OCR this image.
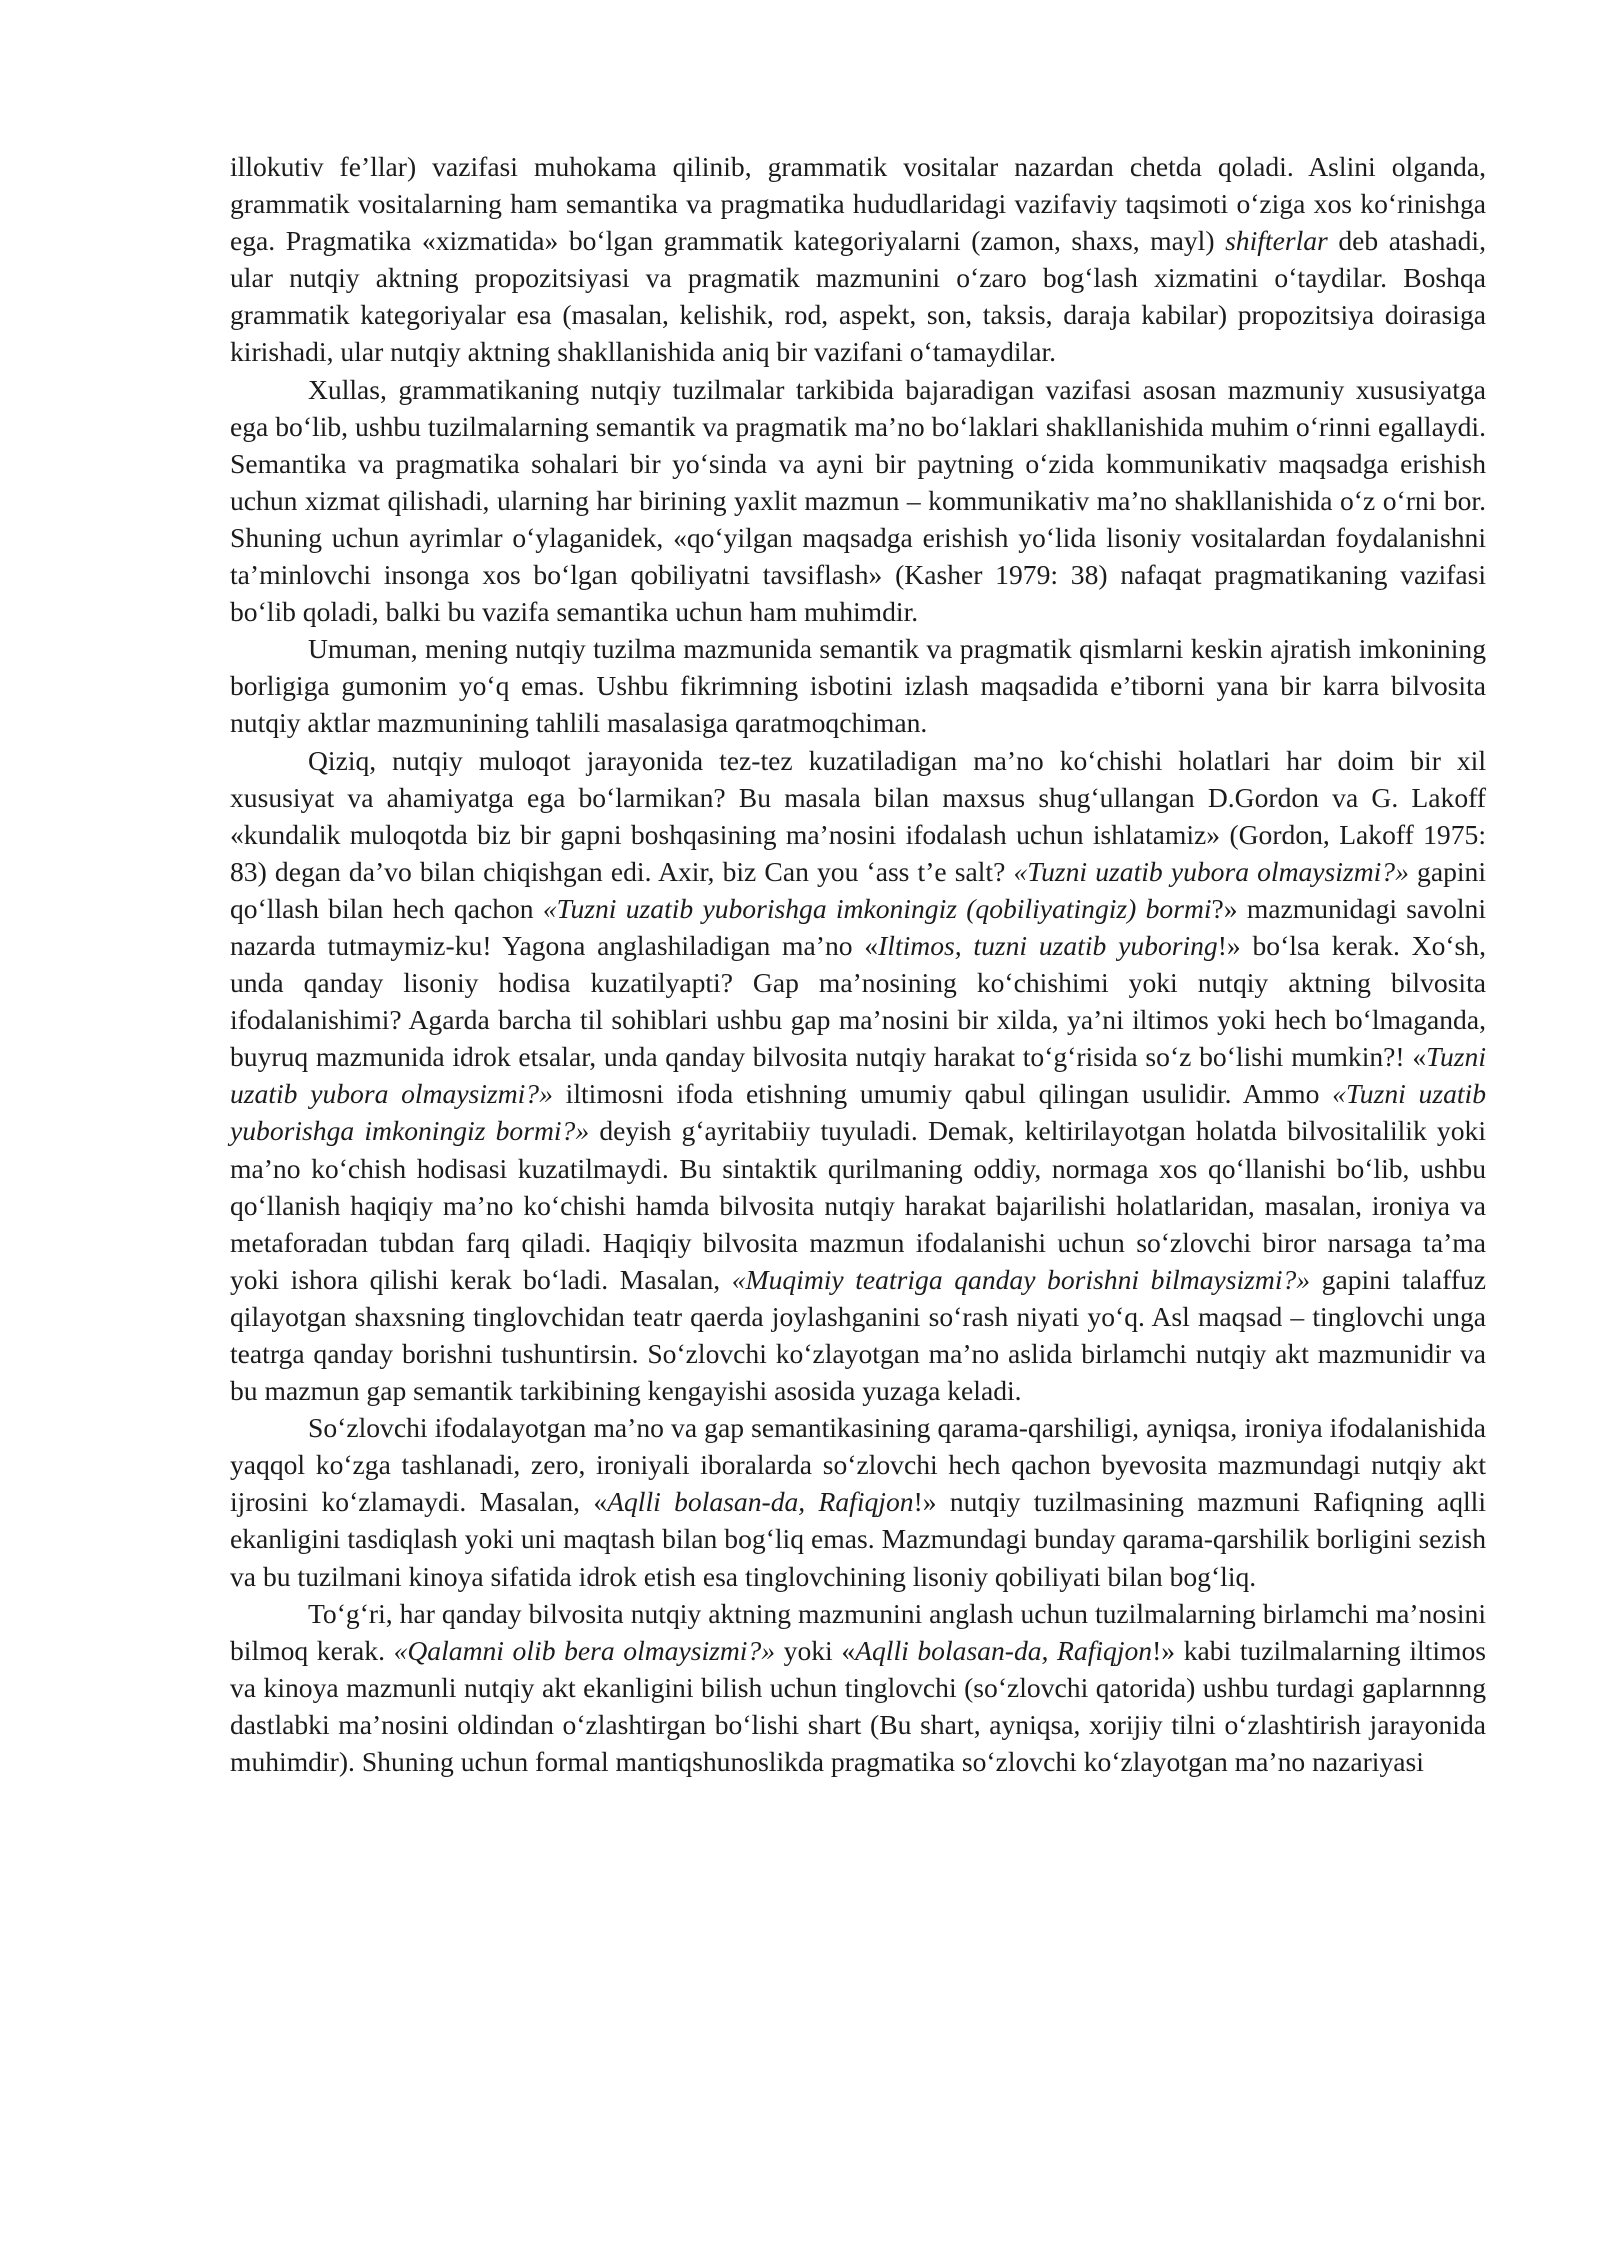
illokutiv fe’llar) vazifasi muhokama qilinib, grammatik vositalar nazardan chetda qoladi. Aslini olganda, grammatik vositalarning ham semantika va pragmatika hududlaridagi vazifaviy taqsimoti o‘ziga xos ko‘rinishga ega. Pragmatika «xizmatida» bo‘lgan grammatik kategoriyalarni (zamon, shaxs, mayl) shifterlar deb atashadi, ular nutqiy aktning propozitsiyasi va pragmatik mazmunini o‘zaro bog‘lash xizmatini o‘taydilar. Boshqa grammatik kategoriyalar esa (masalan, kelishik, rod, aspekt, son, taksis, daraja kabilar) propozitsiya doirasiga kirishadi, ular nutqiy aktning shakllanishida aniq bir vazifani o‘tamaydilar.

Xullas, grammatikaning nutqiy tuzilmalar tarkibida bajaradigan vazifasi asosan mazmuniy xususiyatga ega bo‘lib, ushbu tuzilmalarning semantik va pragmatik ma’no bo‘laklari shakllanishida muhim o‘rinni egallaydi. Semantika va pragmatika sohalari bir yo‘sinda va ayni bir paytning o‘zida kommunikativ maqsadga erishish uchun xizmat qilishadi, ularning har birining yaxlit mazmun – kommunikativ ma’no shakllanishida o‘z o‘rni bor. Shuning uchun ayrimlar o‘ylaganidek, «qo‘yilgan maqsadga erishish yo‘lida lisoniy vositalardan foydalanishni ta’minlovchi insonga xos bo‘lgan qobiliyatni tavsiflash» (Kasher 1979: 38) nafaqat pragmatikaning vazifasi bo‘lib qoladi, balki bu vazifa semantika uchun ham muhimdir.

Umuman, mening nutqiy tuzilma mazmunida semantik va pragmatik qismlarni keskin ajratish imkonining borligiga gumonim yo‘q emas. Ushbu fikrimning isbotini izlash maqsadida e’tiborni yana bir karra bilvosita nutqiy aktlar mazmunining tahlili masalasiga qaratmoqchiman.

Qiziq, nutqiy muloqot jarayonida tez-tez kuzatiladigan ma’no ko‘chishi holatlari har doim bir xil xususiyat va ahamiyatga ega bo‘larmikan? Bu masala bilan maxsus shug‘ullangan D.Gordon va G. Lakoff «kundalik muloqotda biz bir gapni boshqasining ma’nosini ifodalash uchun ishlatamiz» (Gordon, Lakoff 1975: 83) degan da’vo bilan chiqishgan edi. Axir, biz Can you ‘ass t’e salt? «Tuzni uzatib yubora olmaysizmi?» gapini qo‘llash bilan hech qachon «Tuzni uzatib yuborishga imkoningiz (qobiliyatingiz) bormi?» mazmunidagi savolni nazarda tutmaymiz-ku! Yagona anglashiladigan ma’no «Iltimos, tuzni uzatib yuboring!» bo‘lsa kerak. Xo‘sh, unda qanday lisoniy hodisa kuzatilyapti? Gap ma’nosining ko‘chishimi yoki nutqiy aktning bilvosita ifodalanishimi? Agarda barcha til sohiblari ushbu gap ma’nosini bir xilda, ya’ni iltimos yoki hech bo‘lmaganda, buyruq mazmunida idrok etsalar, unda qanday bilvosita nutqiy harakat to‘g‘risida so‘z bo‘lishi mumkin?! «Tuzni uzatib yubora olmaysizmi?» iltimosni ifoda etishning umumiy qabul qilingan usulidir. Ammo «Tuzni uzatib yuborishga imkoningiz bormi?» deyish g‘ayritabiiy tuyuladi. Demak, keltirilayotgan holatda bilvositalilik yoki ma’no ko‘chish hodisasi kuzatilmaydi. Bu sintaktik qurilmaning oddiy, normaga xos qo‘llanishi bo‘lib, ushbu qo‘llanish haqiqiy ma’no ko‘chishi hamda bilvosita nutqiy harakat bajarilishi holatlaridan, masalan, ironiya va metaforadan tubdan farq qiladi. Haqiqiy bilvosita mazmun ifodalanishi uchun so‘zlovchi biror narsaga ta’ma yoki ishora qilishi kerak bo‘ladi. Masalan, «Muqimiy teatriga qanday borishni bilmaysizmi?» gapini talaffuz qilayotgan shaxsning tinglovchidan teatr qaerda joylashganini so‘rash niyati yo‘q. Asl maqsad – tinglovchi unga teatrga qanday borishni tushuntirsin. So‘zlovchi ko‘zlayotgan ma’no aslida birlamchi nutqiy akt mazmunidir va bu mazmun gap semantik tarkibining kengayishi asosida yuzaga keladi.

So‘zlovchi ifodalayotgan ma’no va gap semantikasining qarama-qarshiligi, ayniqsa, ironiya ifodalanishida yaqqol ko‘zga tashlanadi, zero, ironiyali iboralarda so‘zlovchi hech qachon byevosita mazmundagi nutqiy akt ijrosini ko‘zlamaydi. Masalan, «Aqlli bolasan-da, Rafiqjon!» nutqiy tuzilmasining mazmuni Rafiqning aqlli ekanligini tasdiqlash yoki uni maqtash bilan bog‘liq emas. Mazmundagi bunday qarama-qarshilik borligini sezish va bu tuzilmani kinoya sifatida idrok etish esa tinglovchining lisoniy qobiliyati bilan bog‘liq.

To‘g‘ri, har qanday bilvosita nutqiy aktning mazmunini anglash uchun tuzilmalarning birlamchi ma’nosini bilmoq kerak. «Qalamni olib bera olmaysizmi?» yoki «Aqlli bolasan-da, Rafiqjon!» kabi tuzilmalarning iltimos va kinoya mazmunli nutqiy akt ekanligini bilish uchun tinglovchi (so‘zlovchi qatorida) ushbu turdagi gaplarnnng dastlabki ma’nosini oldindan o‘zlashtirgan bo‘lishi shart (Bu shart, ayniqsa, xorijiy tilni o‘zlashtirish jarayonida muhimdir). Shuning uchun formal mantiqshunoslikda pragmatika so‘zlovchi ko‘zlayotgan ma’no nazariyasi
